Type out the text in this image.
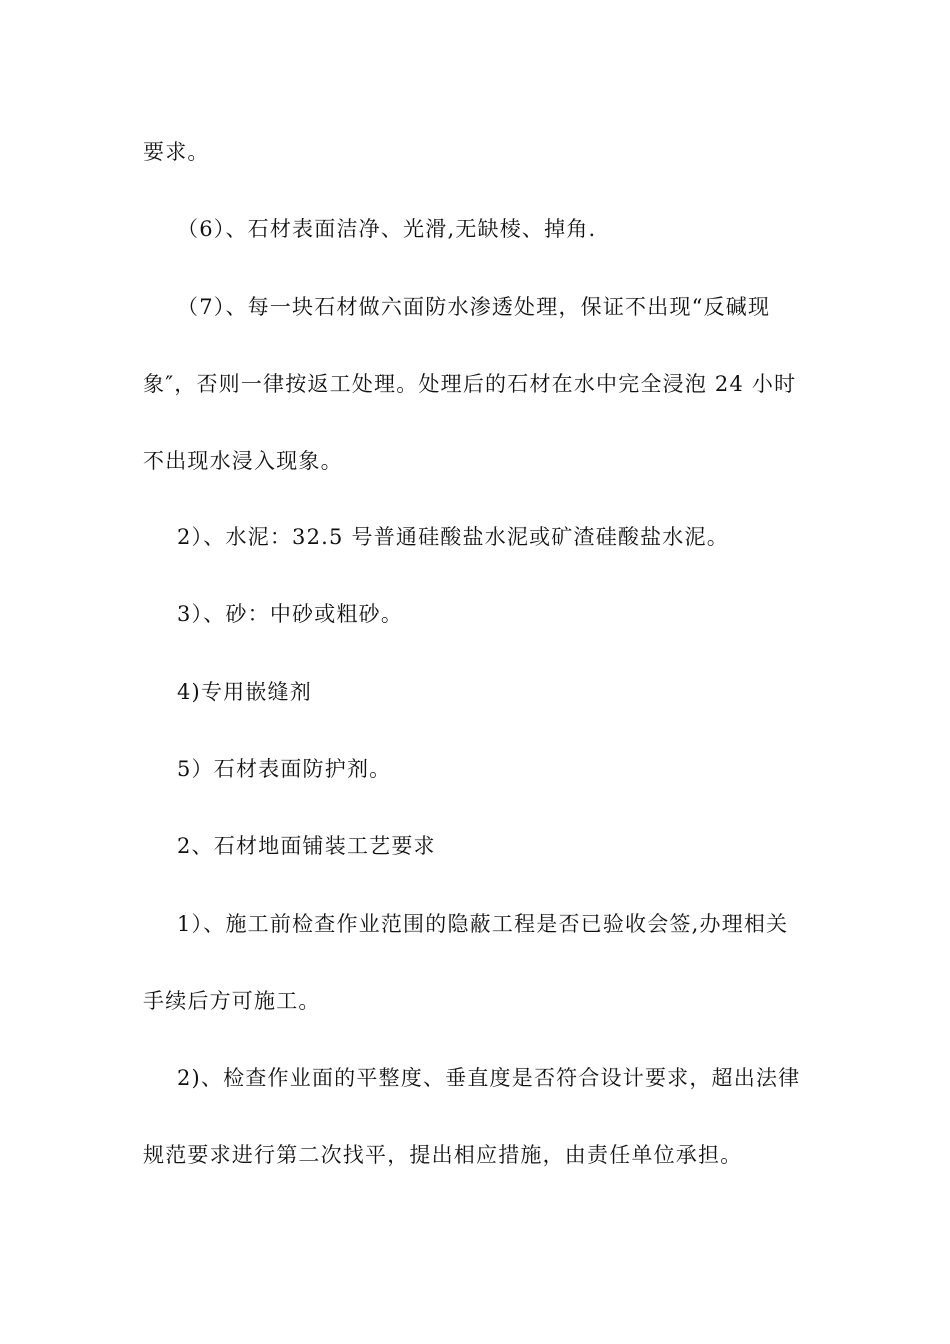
要求。
（6）、石材表面洁净、光滑,无缺棱、掉角.
（7）、每一块石材做六面防水渗透处理，保证不出现“反碱现
象″，否则一律按返工处理。处理后的石材在水中完全浸泡 24 小时
不出现水浸入现象。
2）、水泥：32.5 号普通硅酸盐水泥或矿渣硅酸盐水泥。
3）、砂：中砂或粗砂。
4)专用嵌缝剂
5）石材表面防护剂。
2、石材地面铺装工艺要求
1）、施工前检查作业范围的隐蔽工程是否已验收会签,办理相关
手续后方可施工。
2)、检查作业面的平整度、垂直度是否符合设计要求，超出法律
规范要求进行第二次找平，提出相应措施，由责任单位承担。
